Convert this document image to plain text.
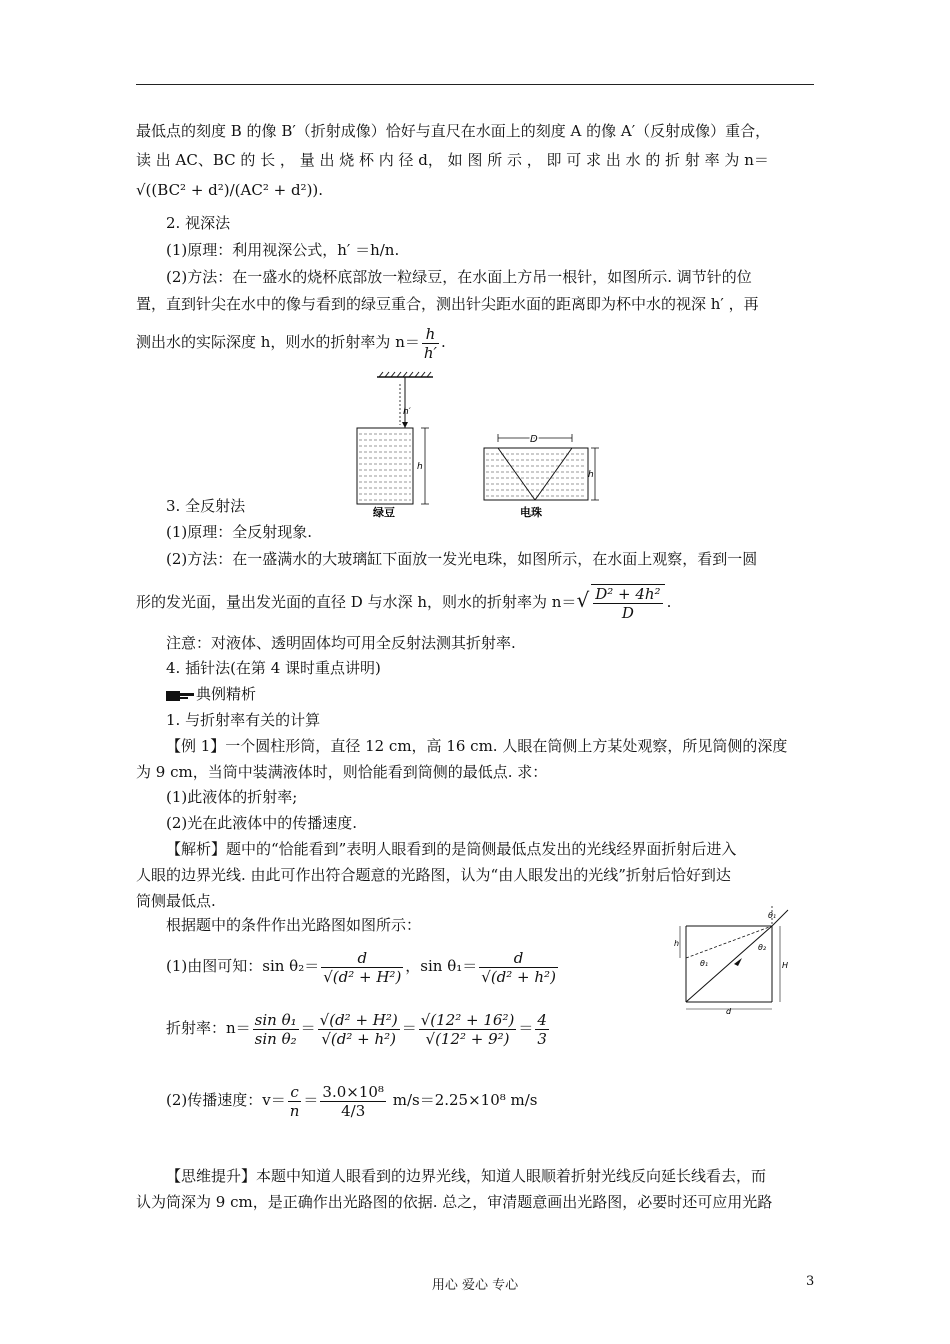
最低点的刻度 B 的像 B′（折射成像）恰好与直尺在水面上的刻度 A 的像 A′（反射成像）重合，
读 出 AC、BC 的 长 ， 量 出 烧 杯 内 径 d， 如 图 所 示 ， 即 可 求 出 水 的 折 射 率 为 n＝
√((BC² + d²)/(AC² + d²)).
2. 视深法
(1)原理：利用视深公式，h′ ＝h/n.
(2)方法：在一盛水的烧杯底部放一粒绿豆，在水面上方吊一根针，如图所示. 调节针的位
置，直到针尖在水中的像与看到的绿豆重合，测出针尖距水面的距离即为杯中水的视深 h′ ，再
测出水的实际深度 h，则水的折射率为 $n= \frac{h}{h'}$ .
h′
h
绿豆
D
h
电珠
3. 全反射法
(1)原理：全反射现象.
(2)方法：在一盛满水的大玻璃缸下面放一发光电珠，如图所示，在水面上观察，看到一圆
形的发光面，量出发光面的直径 D 与水深 h，则水的折射率为 $n=√ \frac{\text{D² + 4h²}}{D}$ .
注意：对液体、透明固体均可用全反射法测其折射率.
4. 插针法(在第 4 课时重点讲明)
典例精析
1. 与折射率有关的计算
【例 1】一个圆柱形筒，直径 12 cm，高 16 cm. 人眼在筒侧上方某处观察，所见筒侧的深度
为 9 cm，当筒中装满液体时，则恰能看到筒侧的最低点. 求：
(1)此液体的折射率;
(2)光在此液体中的传播速度.
【解析】题中的“恰能看到”表明人眼看到的是筒侧最低点发出的光线经界面折射后进入
人眼的边界光线. 由此可作出符合题意的光路图，认为“由人眼发出的光线”折射后恰好到达
筒侧最低点.
根据题中的条件作出光路图如图所示：
θ₁
θ₂
θ₁
h
H
d
(1)由图可知：$\sin \theta_2= \frac{d}{\text{√(d² + H²)}}$ ，$\sin \theta_1= \frac{d}{\text{√(d² + h²)}}$
折射率：$n= \frac{\text{sin θ₁}}{\text{sin θ₂}} = \frac{\text{√(d² + H²)}}{\text{√(d² + h²)}} = \frac{\text{√(12² + 16²)}}{\text{√(12² + 9²)}} = \frac{4}{3}$
(2)传播速度：$v= \frac{c}{n} = \frac{\text{3.0×10⁸}}{4/3} m/s=2.25\times 10^8$ m/s
【思维提升】本题中知道人眼看到的边界光线，知道人眼顺着折射光线反向延长线看去，而
认为筒深为 9 cm，是正确作出光路图的依据. 总之，审清题意画出光路图，必要时还可应用光路
用心 爱心 专心	3
